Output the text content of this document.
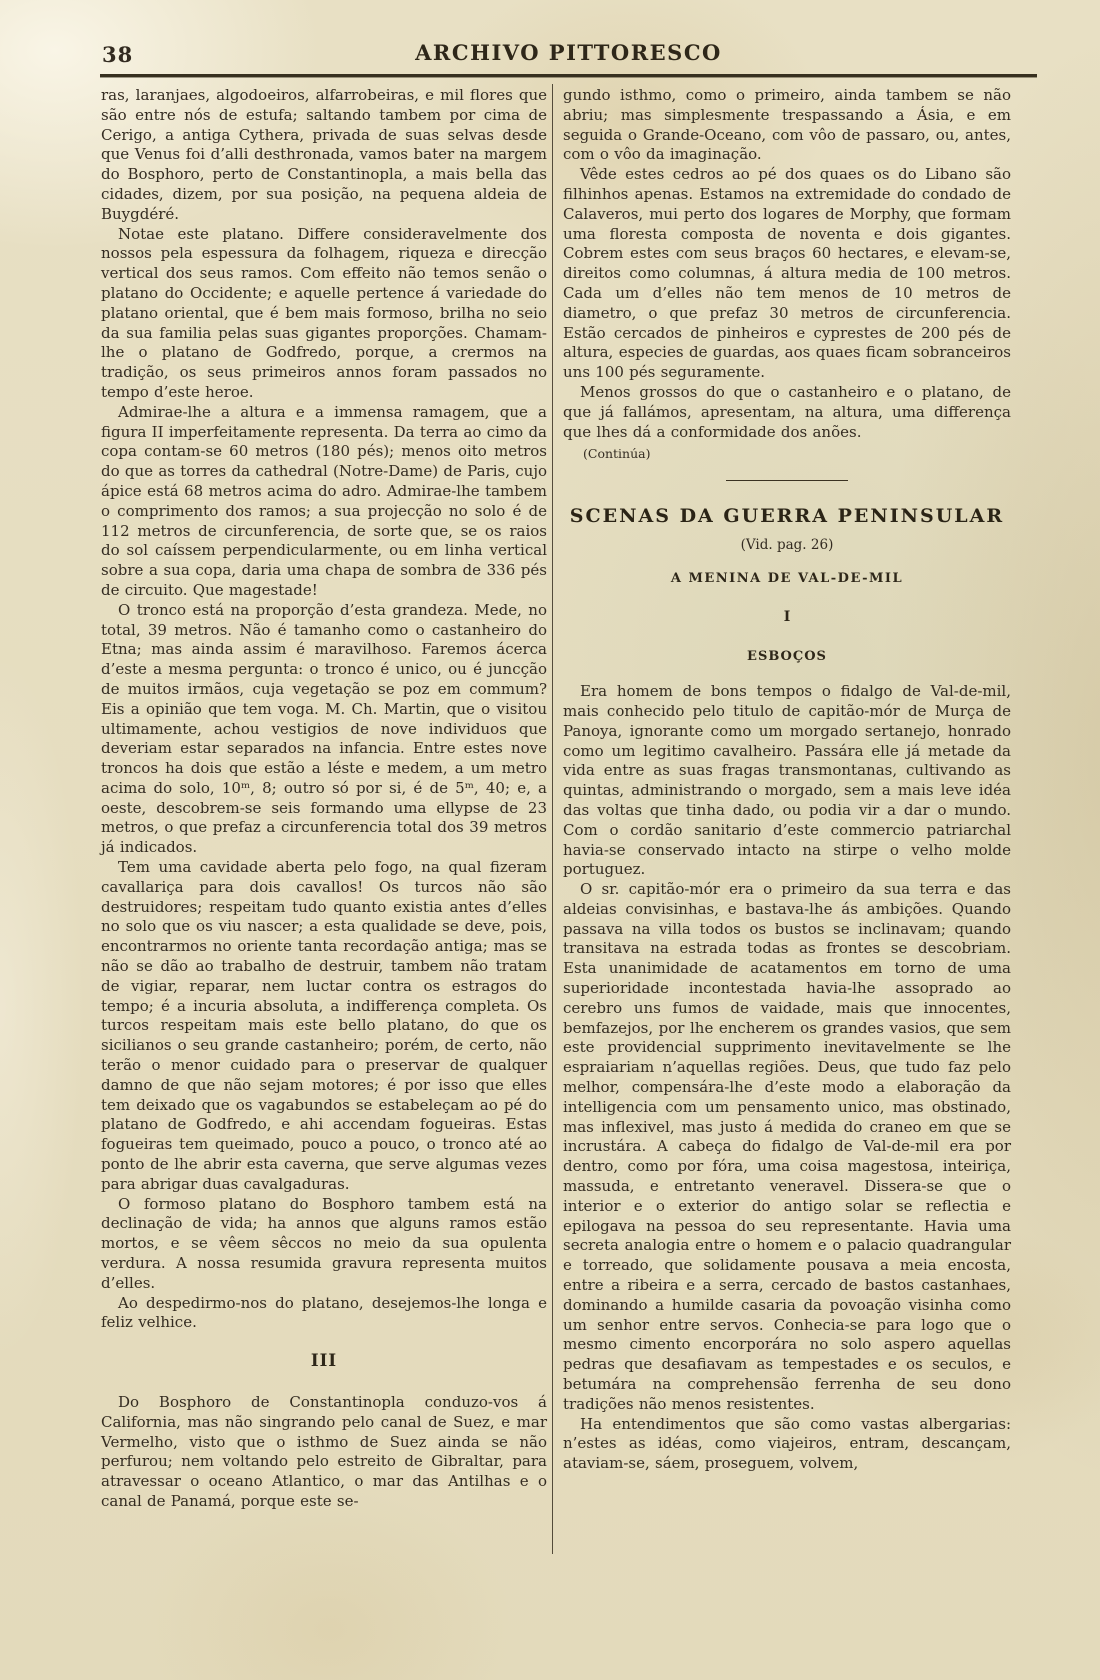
38	ARCHIVO PITTORESCO

ras, laranjaes, algodoeiros, alfarrobeiras, e mil flores que são entre nós de estufa; saltando tambem por cima de Cerigo, a antiga Cythera, privada de suas selvas desde que Venus foi d’alli desthronada, vamos bater na margem do Bosphoro, perto de Constantinopla, a mais bella das cidades, dizem, por sua posição, na pequena aldeia de Buygdéré.

Notae este platano. Differe consideravelmente dos nossos pela espessura da folhagem, riqueza e direcção vertical dos seus ramos. Com effeito não temos senão o platano do Occidente; e aquelle pertence á variedade do platano oriental, que é bem mais formoso, brilha no seio da sua familia pelas suas gigantes proporções. Chamam-lhe o platano de Godfredo, porque, a crermos na tradição, os seus primeiros annos foram passados no tempo d’este heroe.

Admirae-lhe a altura e a immensa ramagem, que a figura II imperfeitamente representa. Da terra ao cimo da copa contam-se 60 metros (180 pés); menos oito metros do que as torres da cathedral (Notre-Dame) de Paris, cujo ápice está 68 metros acima do adro. Admirae-lhe tambem o comprimento dos ramos; a sua projecção no solo é de 112 metros de circunferencia, de sorte que, se os raios do sol caíssem perpendicularmente, ou em linha vertical sobre a sua copa, daria uma chapa de sombra de 336 pés de circuito. Que magestade!

O tronco está na proporção d’esta grandeza. Mede, no total, 39 metros. Não é tamanho como o castanheiro do Etna; mas ainda assim é maravilhoso. Faremos ácerca d’este a mesma pergunta: o tronco é unico, ou é juncção de muitos irmãos, cuja vegetação se poz em commum? Eis a opinião que tem voga. M. Ch. Martin, que o visitou ultimamente, achou vestigios de nove individuos que deveriam estar separados na infancia. Entre estes nove troncos ha dois que estão a léste e medem, a um metro acima do solo, 10ᵐ, 8; outro só por si, é de 5ᵐ, 40; e, a oeste, descobrem-se seis formando uma ellypse de 23 metros, o que prefaz a circunferencia total dos 39 metros já indicados.

Tem uma cavidade aberta pelo fogo, na qual fizeram cavallariça para dois cavallos! Os turcos não são destruidores; respeitam tudo quanto existia antes d’elles no solo que os viu nascer; a esta qualidade se deve, pois, encontrarmos no oriente tanta recordação antiga; mas se não se dão ao trabalho de destruir, tambem não tratam de vigiar, reparar, nem luctar contra os estragos do tempo; é a incuria absoluta, a indifferença completa. Os turcos respeitam mais este bello platano, do que os sicilianos o seu grande castanheiro; porém, de certo, não terão o menor cuidado para o preservar de qualquer damno de que não sejam motores; é por isso que elles tem deixado que os vagabundos se estabeleçam ao pé do platano de Godfredo, e ahi accendam fogueiras. Estas fogueiras tem queimado, pouco a pouco, o tronco até ao ponto de lhe abrir esta caverna, que serve algumas vezes para abrigar duas cavalgaduras.

O formoso platano do Bosphoro tambem está na declinação de vida; ha annos que alguns ramos estão mortos, e se vêem sêccos no meio da sua opulenta verdura. A nossa resumida gravura representa muitos d’elles.

Ao despedirmo-nos do platano, desejemos-lhe longa e feliz velhice.

III

Do Bosphoro de Constantinopla conduzo-vos á California, mas não singrando pelo canal de Suez, e mar Vermelho, visto que o isthmo de Suez ainda se não perfurou; nem voltando pelo estreito de Gibraltar, para atravessar o oceano Atlantico, o mar das Antilhas e o canal de Panamá, porque este se-

gundo isthmo, como o primeiro, ainda tambem se não abriu; mas simplesmente trespassando a Ásia, e em seguida o Grande-Oceano, com vôo de passaro, ou, antes, com o vôo da imaginação.

Vêde estes cedros ao pé dos quaes os do Libano são filhinhos apenas. Estamos na extremidade do condado de Calaveros, mui perto dos logares de Morphy, que formam uma floresta composta de noventa e dois gigantes. Cobrem estes com seus braços 60 hectares, e elevam-se, direitos como columnas, á altura media de 100 metros. Cada um d’elles não tem menos de 10 metros de diametro, o que prefaz 30 metros de circunferencia. Estão cercados de pinheiros e cyprestes de 200 pés de altura, especies de guardas, aos quaes ficam sobranceiros uns 100 pés seguramente.

Menos grossos do que o castanheiro e o platano, de que já fallámos, apresentam, na altura, uma differença que lhes dá a conformidade dos anões.

(Continúa)

SCENAS DA GUERRA PENINSULAR
(Vid. pag. 26)
A MENINA DE VAL-DE-MIL
I
ESBOÇOS

Era homem de bons tempos o fidalgo de Val-de-mil, mais conhecido pelo titulo de capitão-mór de Murça de Panoya, ignorante como um morgado sertanejo, honrado como um legitimo cavalheiro. Passára elle já metade da vida entre as suas fragas transmontanas, cultivando as quintas, administrando o morgado, sem a mais leve idéa das voltas que tinha dado, ou podia vir a dar o mundo. Com o cordão sanitario d’este commercio patriarchal havia-se conservado intacto na stirpe o velho molde portuguez.

O sr. capitão-mór era o primeiro da sua terra e das aldeias convisinhas, e bastava-lhe ás ambições. Quando passava na villa todos os bustos se inclinavam; quando transitava na estrada todas as frontes se descobriam. Esta unanimidade de acatamentos em torno de uma superioridade incontestada havia-lhe assoprado ao cerebro uns fumos de vaidade, mais que innocentes, bemfazejos, por lhe encherem os grandes vasios, que sem este providencial supprimento inevitavelmente se lhe espraiariam n’aquellas regiões. Deus, que tudo faz pelo melhor, compensára-lhe d’este modo a elaboração da intelligencia com um pensamento unico, mas obstinado, mas inflexivel, mas justo á medida do craneo em que se incrustára. A cabeça do fidalgo de Val-de-mil era por dentro, como por fóra, uma coisa magestosa, inteiriça, massuda, e entretanto veneravel. Dissera-se que o interior e o exterior do antigo solar se reflectia e epilogava na pessoa do seu representante. Havia uma secreta analogia entre o homem e o palacio quadrangular e torreado, que solidamente pousava a meia encosta, entre a ribeira e a serra, cercado de bastos castanhaes, dominando a humilde casaria da povoação visinha como um senhor entre servos. Conhecia-se para logo que o mesmo cimento encorporára no solo aspero aquellas pedras que desafiavam as tempestades e os seculos, e betumára na comprehensão ferrenha de seu dono tradições não menos resistentes.

Ha entendimentos que são como vastas albergarias: n’estes as idéas, como viajeiros, entram, descançam, ataviam-se, sáem, proseguem, volvem,
